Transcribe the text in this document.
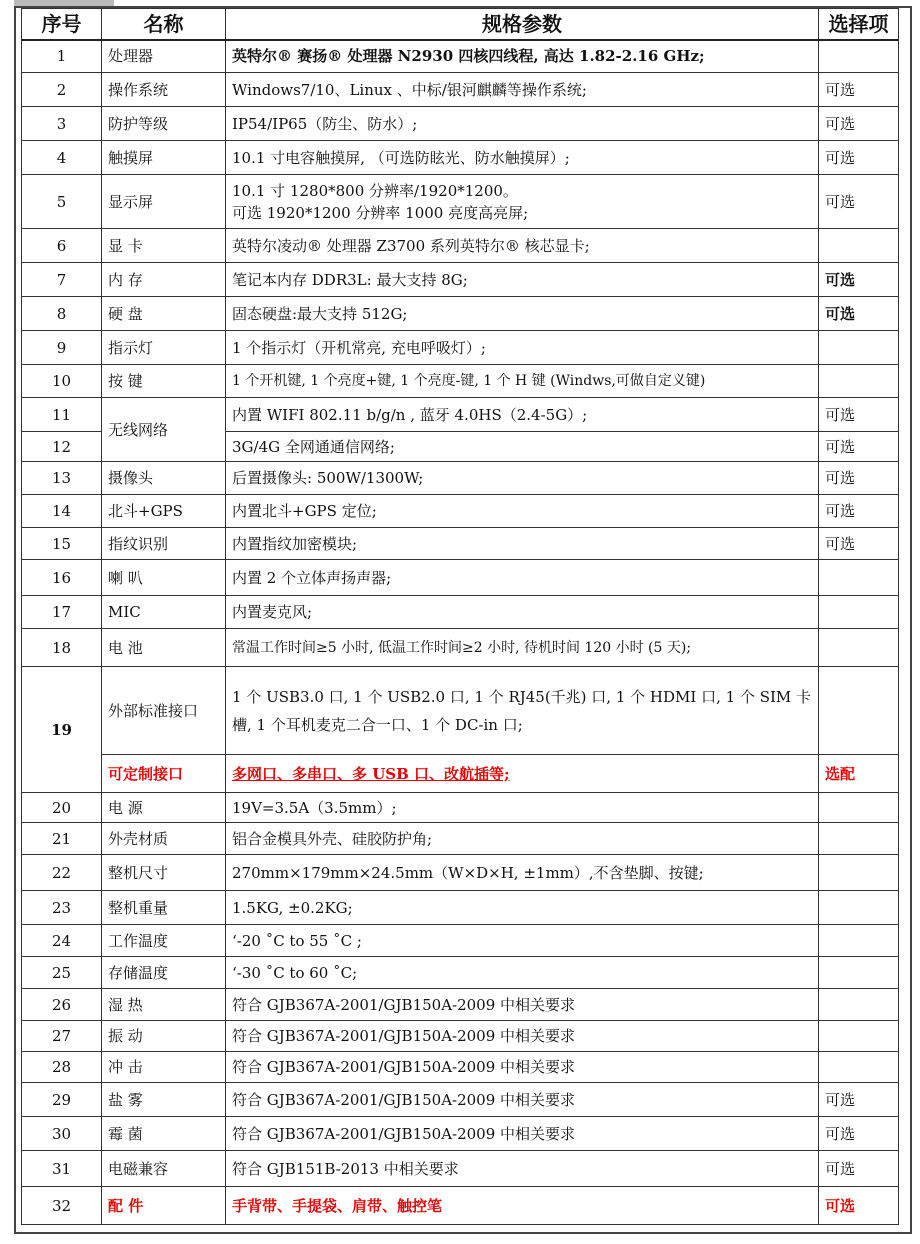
序号	名称	规格参数	选择项
1	处理器	英特尔® 赛扬® 处理器 N2930 四核四线程, 高达 1.82-2.16 GHz;	
2	操作系统	Windows7/10、Linux 、中标/银河麒麟等操作系统;	可选
3	防护等级	IP54/IP65（防尘、防水）;	可选
4	触摸屏	10.1 寸电容触摸屏, （可选防眩光、防水触摸屏）;	可选
5	显示屏	10.1 寸 1280*800 分辨率/1920*1200。
可选 1920*1200 分辨率 1000 亮度高亮屏;	可选
6	显 卡	英特尔凌动® 处理器 Z3700 系列英特尔® 核芯显卡;	
7	内 存	笔记本内存 DDR3L: 最大支持 8G;	可选
8	硬 盘	固态硬盘:最大支持 512G;	可选
9	指示灯	1 个指示灯（开机常亮, 充电呼吸灯）;	
10	按 键	1 个开机键, 1 个亮度+键, 1 个亮度-键, 1 个 H 键 (Windws,可做自定义键)	
11	无线网络	内置 WIFI 802.11 b/g/n , 蓝牙 4.0HS（2.4-5G）;	可选
12		3G/4G 全网通通信网络;	可选
13	摄像头	后置摄像头: 500W/1300W;	可选
14	北斗+GPS	内置北斗+GPS 定位;	可选
15	指纹识别	内置指纹加密模块;	可选
16	喇 叭	内置 2 个立体声扬声器;	
17	MIC	内置麦克风;	
18	电 池	常温工作时间≥5 小时, 低温工作时间≥2 小时, 待机时间 120 小时 (5 天);	
19	外部标准接口	1 个 USB3.0 口, 1 个 USB2.0 口, 1 个 RJ45(千兆) 口, 1 个 HDMI 口, 1 个 SIM 卡槽, 1 个耳机麦克二合一口、1 个 DC-in 口;	
	可定制接口	多网口、多串口、多 USB 口、改航插等;	选配
20	电 源	19V=3.5A（3.5mm）;	
21	外壳材质	铝合金模具外壳、硅胶防护角;	
22	整机尺寸	270mm×179mm×24.5mm（W×D×H, ±1mm）,不含垫脚、按键;	
23	整机重量	1.5KG, ±0.2KG;	
24	工作温度	‘-20 ˚C to 55 ˚C ;	
25	存储温度	‘-30 ˚C to 60 ˚C;	
26	湿 热	符合 GJB367A-2001/GJB150A-2009 中相关要求	
27	振 动	符合 GJB367A-2001/GJB150A-2009 中相关要求	
28	冲 击	符合 GJB367A-2001/GJB150A-2009 中相关要求	
29	盐 雾	符合 GJB367A-2001/GJB150A-2009 中相关要求	可选
30	霉 菌	符合 GJB367A-2001/GJB150A-2009 中相关要求	可选
31	电磁兼容	符合 GJB151B-2013 中相关要求	可选
32	配 件	手背带、手提袋、肩带、触控笔	可选
